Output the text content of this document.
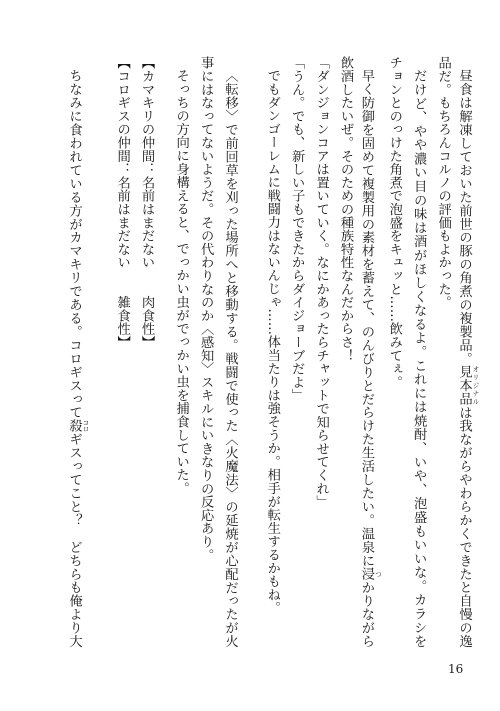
昼食は解凍しておいた前世の豚の角煮の複製品。見本品 オリジナルは我ながらやわらかくできたと自慢の逸
品だ。もちろんコルノの評価もよかった。
だけど、やや濃い目の味は酒がほしくなるよ。これには焼酎、いや、泡盛もいいな。カラシを
チョンとのっけた角煮で泡盛をキュッと……飲みてぇ。
早く防御を固めて複製用の素材を蓄えて、のんびりとだらけた生活したい。温泉に浸 つかりながら
飲酒したいぜ。そのための種族特性なんだからさ！
「ダンジョンコアは置いていく。なにかあったらチャットで知らせてくれ」
「うん。でも、新しい子もできたからダイジョーブだよ」
でもダンゴーレムに戦闘力はないんじゃ……体当たりは強そうか。相手が転生するかもね。
〈転移〉で前回草を刈った場所へと移動する。戦闘で使った〈火魔法〉の延焼が心配だったが火
事にはなってないようだ。その代わりなのか〈感知〉スキルにいきなりの反応あり。
そっちの方向に身構えると、でっかい虫がでっかい虫を捕食していた。
【カマキリの仲間：名前はまだない　　肉食性】
【コロギスの仲間：名前はまだない　　雑食性】
ちなみに食われている方がカマキリである。コロギスって殺 コロギスってこと？　どちらも俺より大
16
